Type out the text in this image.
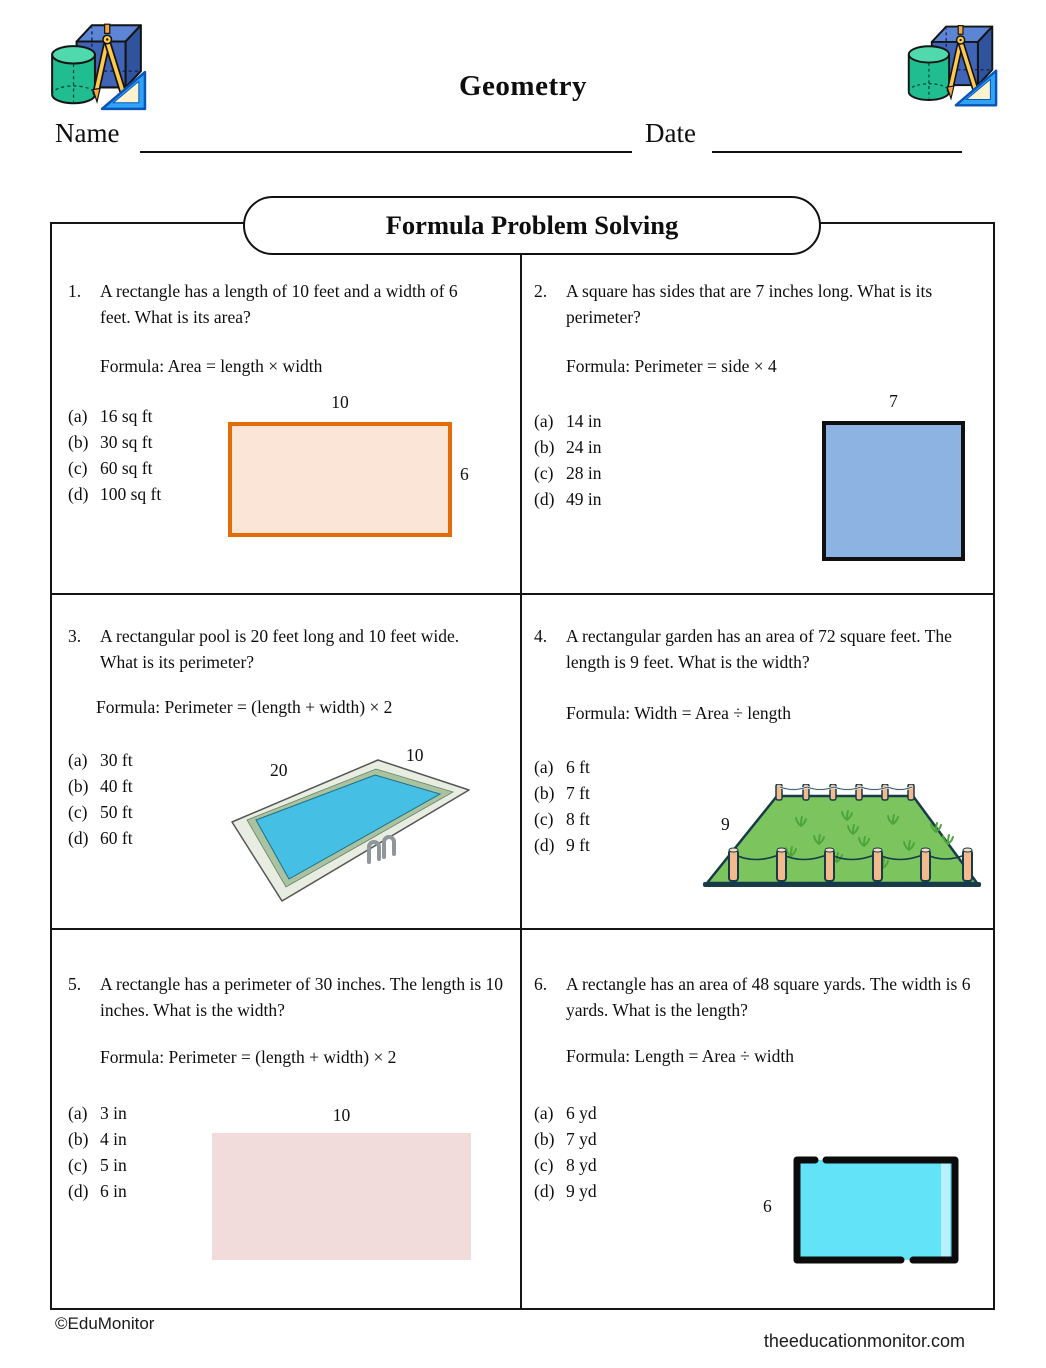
Geometry
Name	Date
Formula Problem Solving
1.	A rectangle has a length of 10 feet and a width of 6 feet. What is its area?
Formula: Area = length × width
(a) 16 sq ft
(b) 30 sq ft
(c) 60 sq ft
(d) 100 sq ft
10
6
2.	A square has sides that are 7 inches long. What is its perimeter?
Formula: Perimeter = side × 4
(a) 14 in
(b) 24 in
(c) 28 in
(d) 49 in
7
3.	A rectangular pool is 20 feet long and 10 feet wide. What is its perimeter?
Formula: Perimeter = (length + width) × 2
(a) 30 ft
(b) 40 ft
(c) 50 ft
(d) 60 ft
20
10
4.	A rectangular garden has an area of 72 square feet. The length is 9 feet. What is the width?
Formula: Width = Area ÷ length
(a) 6 ft
(b) 7 ft
(c) 8 ft
(d) 9 ft
9
5.	A rectangle has a perimeter of 30 inches. The length is 10 inches. What is the width?
Formula: Perimeter = (length + width) × 2
(a) 3 in
(b) 4 in
(c) 5 in
(d) 6 in
10
6.	A rectangle has an area of 48 square yards. The width is 6 yards. What is the length?
Formula: Length = Area ÷ width
(a) 6 yd
(b) 7 yd
(c) 8 yd
(d) 9 yd
6
©EduMonitor
theeducationmonitor.com
